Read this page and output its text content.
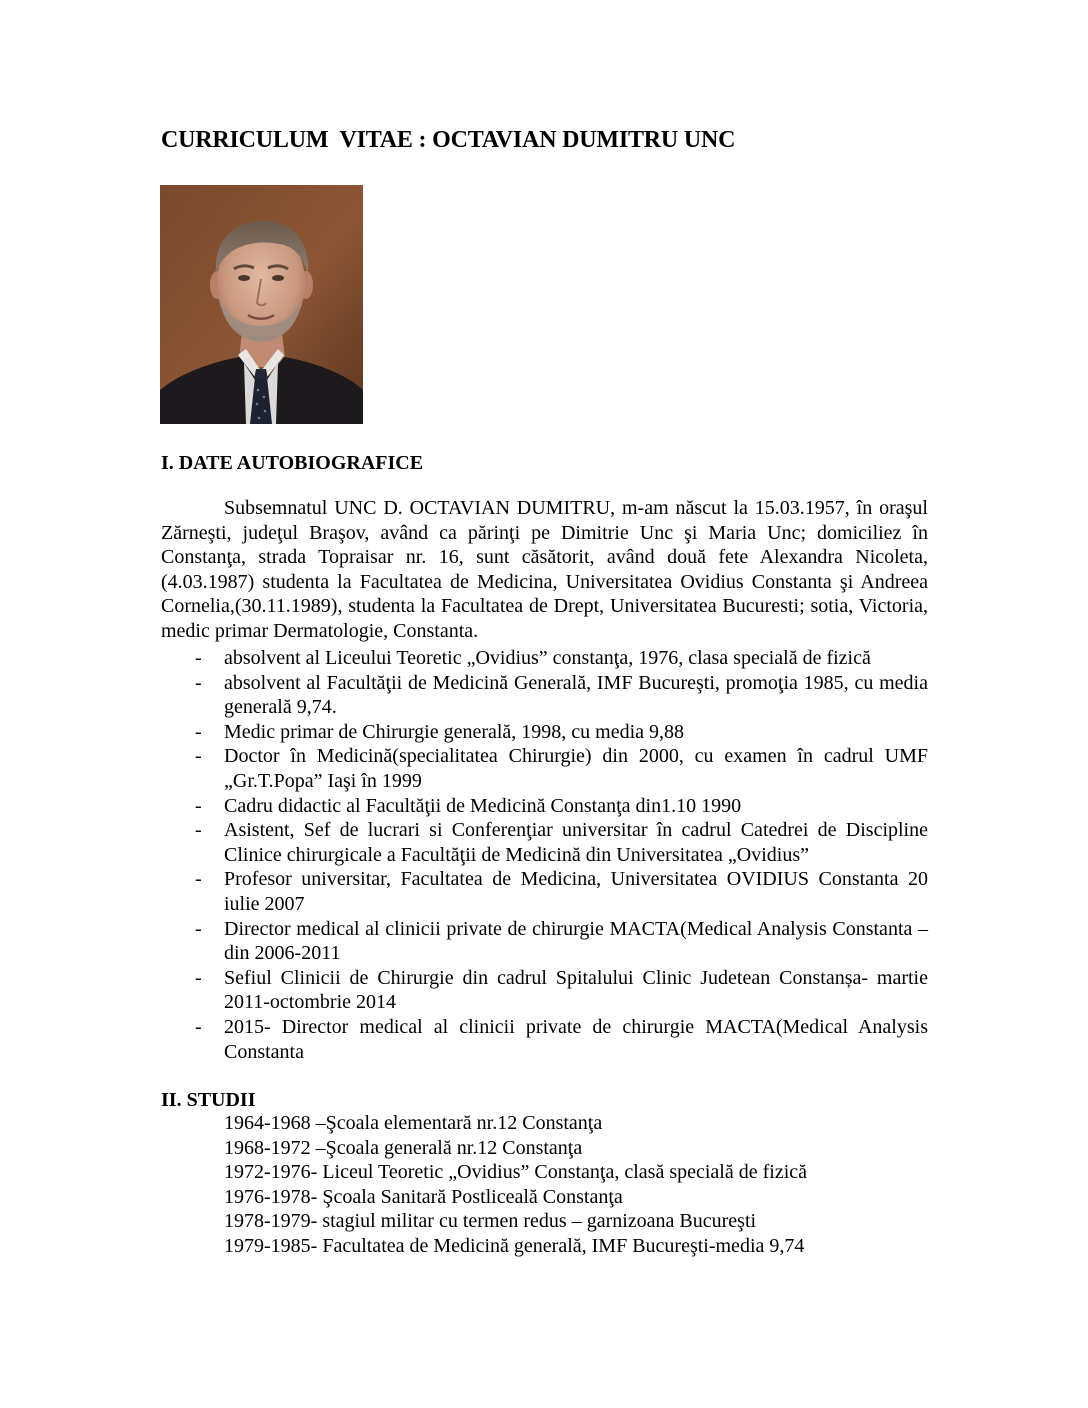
CURRICULUM  VITAE : OCTAVIAN DUMITRU UNC
I. DATE AUTOBIOGRAFICE

Subsemnatul UNC D. OCTAVIAN DUMITRU, m-am născut la 15.03.1957, în oraşul Zărneşti, judeţul Braşov, având ca părinţi pe Dimitrie Unc şi Maria Unc; domiciliez în Constanţa, strada Topraisar nr. 16, sunt căsătorit, având două fete Alexandra Nicoleta,(4.03.1987) studenta la Facultatea de Medicina, Universitatea Ovidius Constanta şi Andreea Cornelia,(30.11.1989), studenta la Facultatea de Drept, Universitatea Bucuresti; sotia, Victoria, medic primar Dermatologie, Constanta.

- absolvent al Liceului Teoretic „Ovidius” constanţa, 1976, clasa specială de fizică
- absolvent al Facultăţii de Medicină Generală, IMF Bucureşti, promoţia 1985, cu media generală 9,74.
- Medic primar de Chirurgie generală, 1998, cu media 9,88
- Doctor în Medicină(specialitatea Chirurgie) din 2000, cu examen în cadrul UMF „Gr.T.Popa” Iaşi în 1999
- Cadru didactic al Facultăţii de Medicină Constanţa din1.10 1990
- Asistent, Sef de lucrari si Conferenţiar universitar în cadrul Catedrei de Discipline Clinice chirurgicale a Facultăţii de Medicină din Universitatea „Ovidius”
- Profesor universitar, Facultatea de Medicina, Universitatea OVIDIUS Constanta 20 iulie 2007
- Director medical al clinicii private de chirurgie MACTA(Medical Analysis Constanta – din 2006-2011
- Sefiul Clinicii de Chirurgie din cadrul Spitalului Clinic Judetean Constanșa- martie 2011-octombrie 2014
- 2015- Director medical al clinicii private de chirurgie MACTA(Medical Analysis Constanta
II. STUDII
1964-1968 –Şcoala elementară nr.12 Constanţa
1968-1972 –Şcoala generală nr.12 Constanţa
1972-1976- Liceul Teoretic „Ovidius” Constanţa, clasă specială de fizică
1976-1978- Şcoala Sanitară Postliceală Constanţa
1978-1979- stagiul militar cu termen redus – garnizoana Bucureşti
1979-1985- Facultatea de Medicină generală, IMF Bucureşti-media 9,74
